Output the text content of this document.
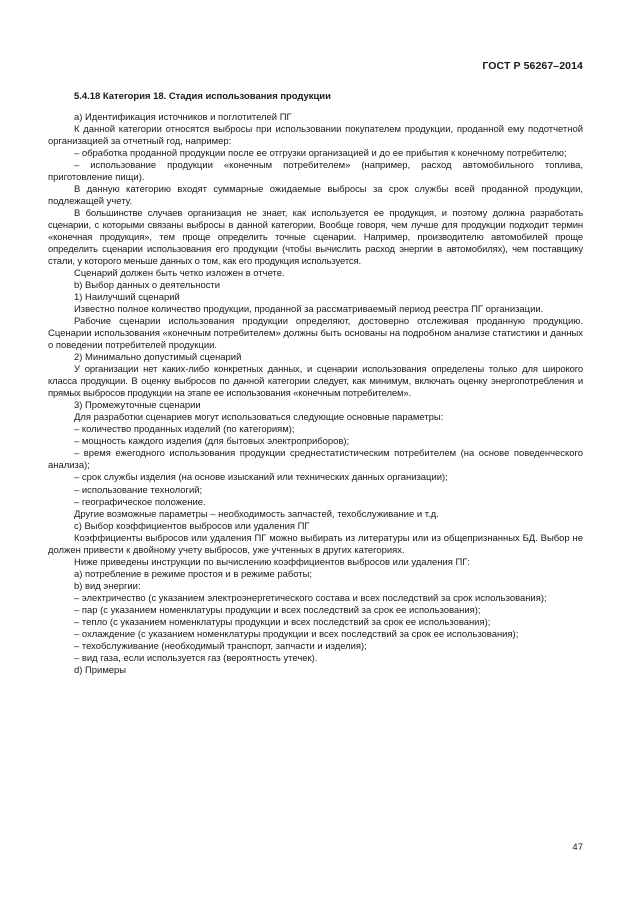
ГОСТ Р 56267–2014

5.4.18 Категория 18. Стадия использования продукции

а) Идентификация источников и поглотителей ПГ

К данной категории относятся выбросы при использовании покупателем продукции, проданной ему подотчетной организацией за отчетный год, например:

– обработка проданной продукции после ее отгрузки организацией и до ее прибытия к конечному потребителю;

– использование продукции «конечным потребителем» (например, расход автомобильного топлива, приготовление пищи).

В данную категорию входят суммарные ожидаемые выбросы за срок службы всей проданной продукции, подлежащей учету.

В большинстве случаев организация не знает, как используется ее продукция, и поэтому должна разработать сценарии, с которыми связаны выбросы в данной категории. Вообще говоря, чем лучше для продукции подходит термин «конечная продукция», тем проще определить точные сценарии. Например, производителю автомобилей проще определить сценарии использования его продукции (чтобы вычислить расход энергии в автомобилях), чем поставщику стали, у которого меньше данных о том, как его продукция используется.

Сценарий должен быть четко изложен в отчете.

b) Выбор данных о деятельности

1) Наилучший сценарий

Известно полное количество продукции, проданной за рассматриваемый период реестра ПГ организации.

Рабочие сценарии использования продукции определяют, достоверно отслеживая проданную продукцию. Сценарии использования «конечным потребителем» должны быть основаны на подробном анализе статистики и данных о поведении потребителей продукции.

2) Минимально допустимый сценарий

У организации нет каких-либо конкретных данных, и сценарии использования определены только для широкого класса продукции. В оценку выбросов по данной категории следует, как минимум, включать оценку энергопотребления и прямых выбросов продукции на этапе ее использования «конечным потребителем».

3) Промежуточные сценарии

Для разработки сценариев могут использоваться следующие основные параметры:

– количество проданных изделий (по категориям);

– мощность каждого изделия (для бытовых электроприборов);

– время ежегодного использования продукции среднестатистическим потребителем (на основе поведенческого анализа);

– срок службы изделия (на основе изысканий или технических данных организации);

– использование технологий;

– географическое положение.

Другие возможные параметры – необходимость запчастей, техобслуживание и т.д.

c) Выбор коэффициентов выбросов или удаления ПГ

Коэффициенты выбросов или удаления ПГ можно выбирать из литературы или из общепризнанных БД. Выбор не должен привести к двойному учету выбросов, уже учтенных в других категориях.

Ниже приведены инструкции по вычислению коэффициентов выбросов или удаления ПГ:

а) потребление в режиме простоя и в режиме работы;

b) вид энергии:

– электричество (с указанием электроэнергетического состава и всех последствий за срок использования);

– пар (с указанием номенклатуры продукции и всех последствий за срок ее использования);

– тепло (с указанием номенклатуры продукции и всех последствий за срок ее использования);

– охлаждение (с указанием номенклатуры продукции и всех последствий за срок ее использования);

– техобслуживание (необходимый транспорт, запчасти и изделия);

– вид газа, если используется газ (вероятность утечек).

d) Примеры

47
